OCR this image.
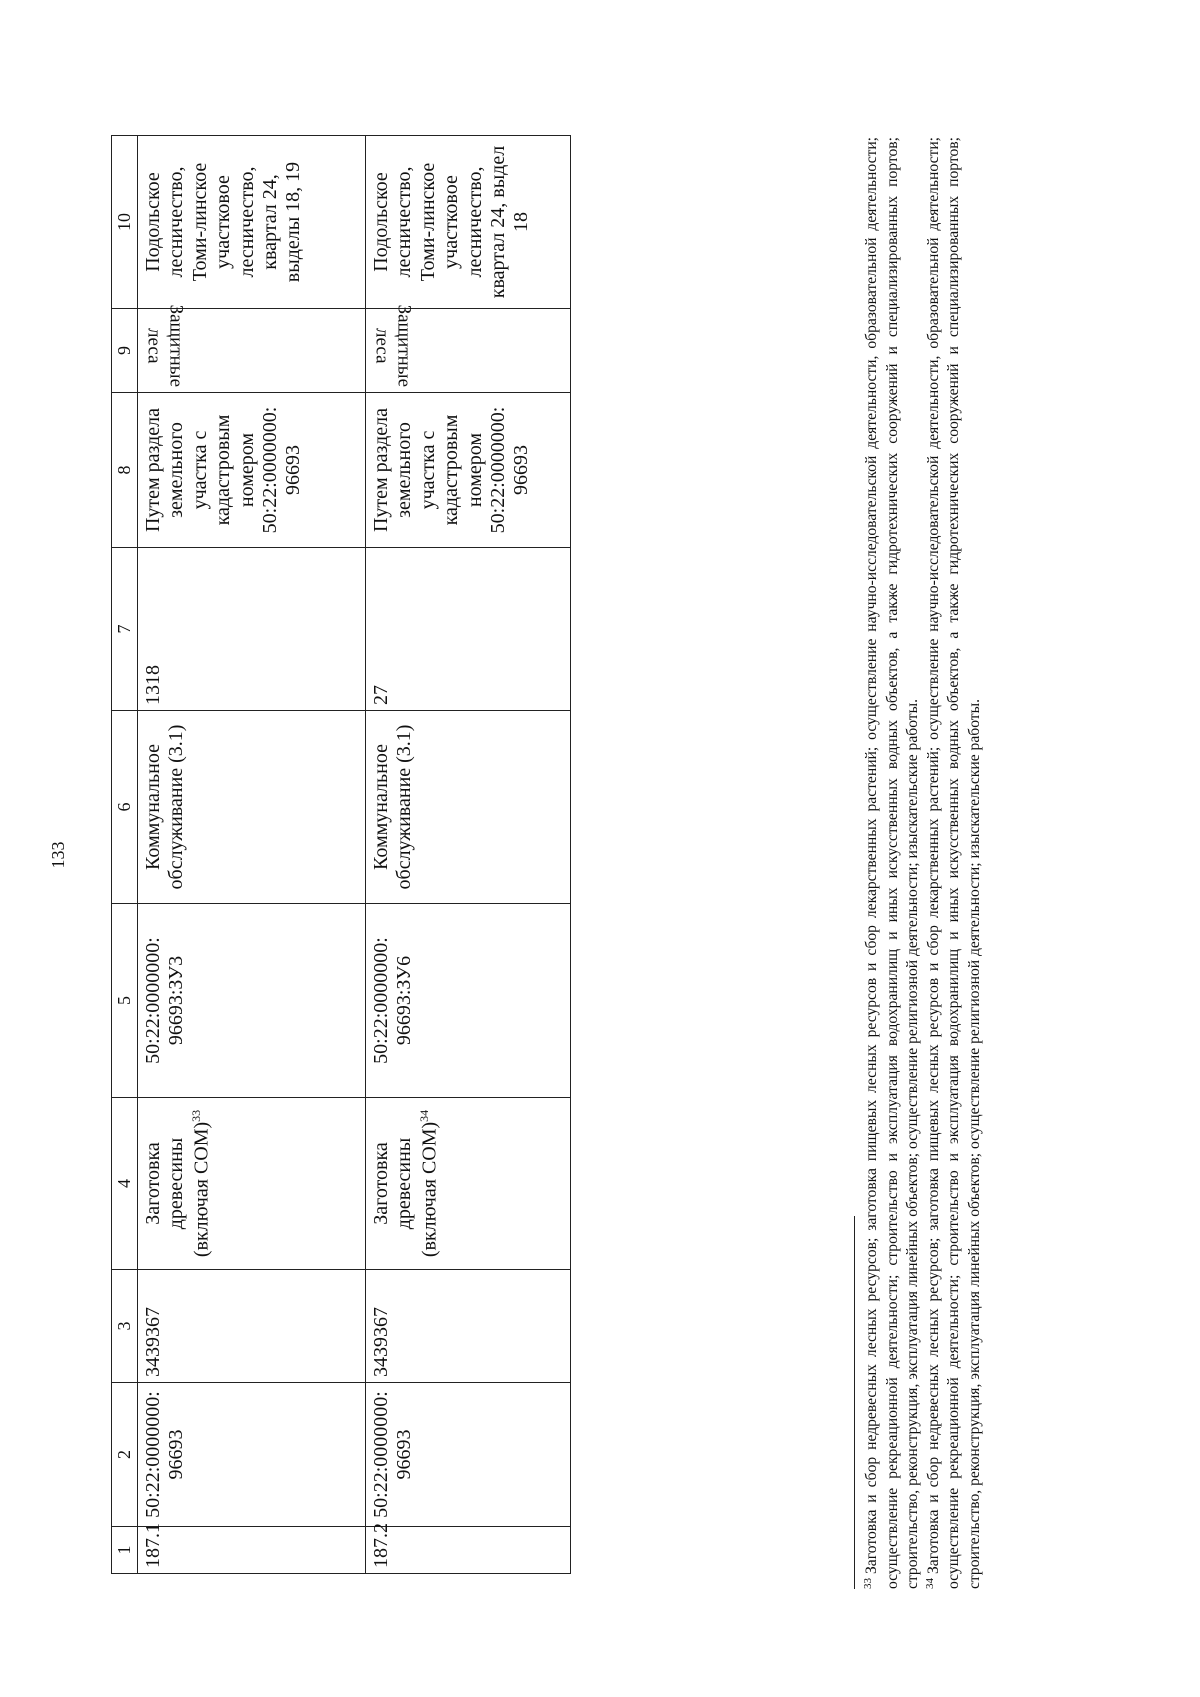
133
1	2	3	4	5	6	7	8	9	10
187.1	50:22:0000000: 96693	3439367	Заготовка древесины (включая СОМ)$^{33}$	50:22:0000000: 96693:ЗУ3	Коммунальное обслуживание (3.1)	1318	Путем раздела земельного участка с кадастровым номером 50:22:0000000: 96693	Защитные леса	Подольское лесничество, Томи-линское участковое лесничество, квартал 24, выделы 18, 19
187.2	50:22:0000000: 96693	3439367	Заготовка древесины (включая СОМ)$^{34}$	50:22:0000000: 96693:ЗУ6	Коммунальное обслуживание (3.1)	27	Путем раздела земельного участка с кадастровым номером 50:22:0000000: 96693	Защитные леса	Подольское лесничество, Томи-линское участковое лесничество, квартал 24, выдел 18

$^{33}$Заготовка и сбор недревесных лесных ресурсов; заготовка пищевых лесных ресурсов и сбор лекарственных растений; осуществление научно-исследовательской деятельности, образовательной деятельности; осуществление рекреационной деятельности; строительство и эксплуатация водохранилищ и иных искусственных водных объектов, а также гидротехнических сооружений и специализированных портов; строительство, реконструкция, эксплуатация линейных объектов; осуществление религиозной деятельности; изыскательские работы. $^{34}$Заготовка и сбор недревесных лесных ресурсов; заготовка пищевых лесных ресурсов и сбор лекарственных растений; осуществление научно-исследовательской деятельности, образовательной деятельности; осуществление рекреационной деятельности; строительство и эксплуатация водохранилищ и иных искусственных водных объектов, а также гидротехнических сооружений и специализированных портов; строительство, реконструкция, эксплуатация линейных объектов; осуществление религиозной деятельности; изыскательские работы.
